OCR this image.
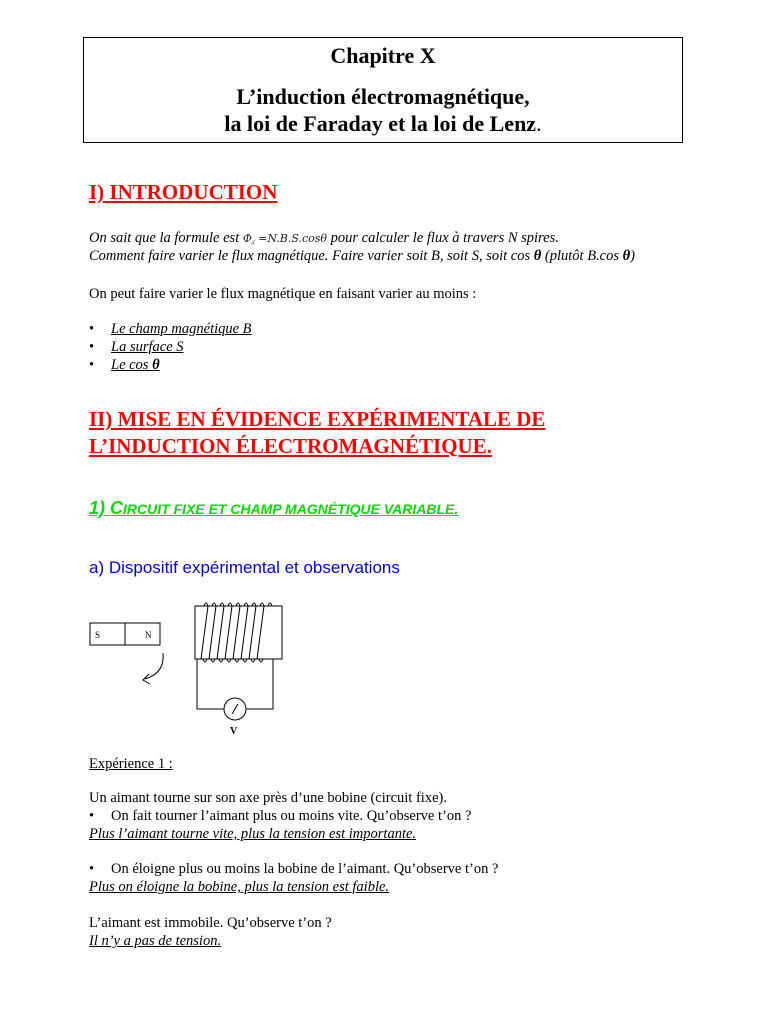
Chapitre X
L’induction électromagnétique,
la loi de Faraday et la loi de Lenz.
I) INTRODUCTION
On sait que la formule est Φ⁁ =N.B.S.cosθ pour calculer le flux à travers N spires.
Comment faire varier le flux magnétique. Faire varier soit B, soit S, soit cos θ (plutôt B.cos θ)
On peut faire varier le flux magnétique en faisant varier au moins :
• Le champ magnétique B
• La surface S
• Le cos θ
II) MISE EN ÉVIDENCE EXPÉRIMENTALE DE
L’INDUCTION ÉLECTROMAGNÉTIQUE.
1) CIRCUIT FIXE ET CHAMP MAGNÉTIQUE VARIABLE.
a) Dispositif expérimental et observations
S	N
V
Expérience 1 :
Un aimant tourne sur son axe près d’une bobine (circuit fixe).
• On fait tourner l’aimant plus ou moins vite. Qu’observe t’on ?
Plus l’aimant tourne vite, plus la tension est importante.
• On éloigne plus ou moins la bobine de l’aimant. Qu’observe t’on ?
Plus on éloigne la bobine, plus la tension est faible.
L’aimant est immobile. Qu’observe t’on ?
Il n’y a pas de tension.
